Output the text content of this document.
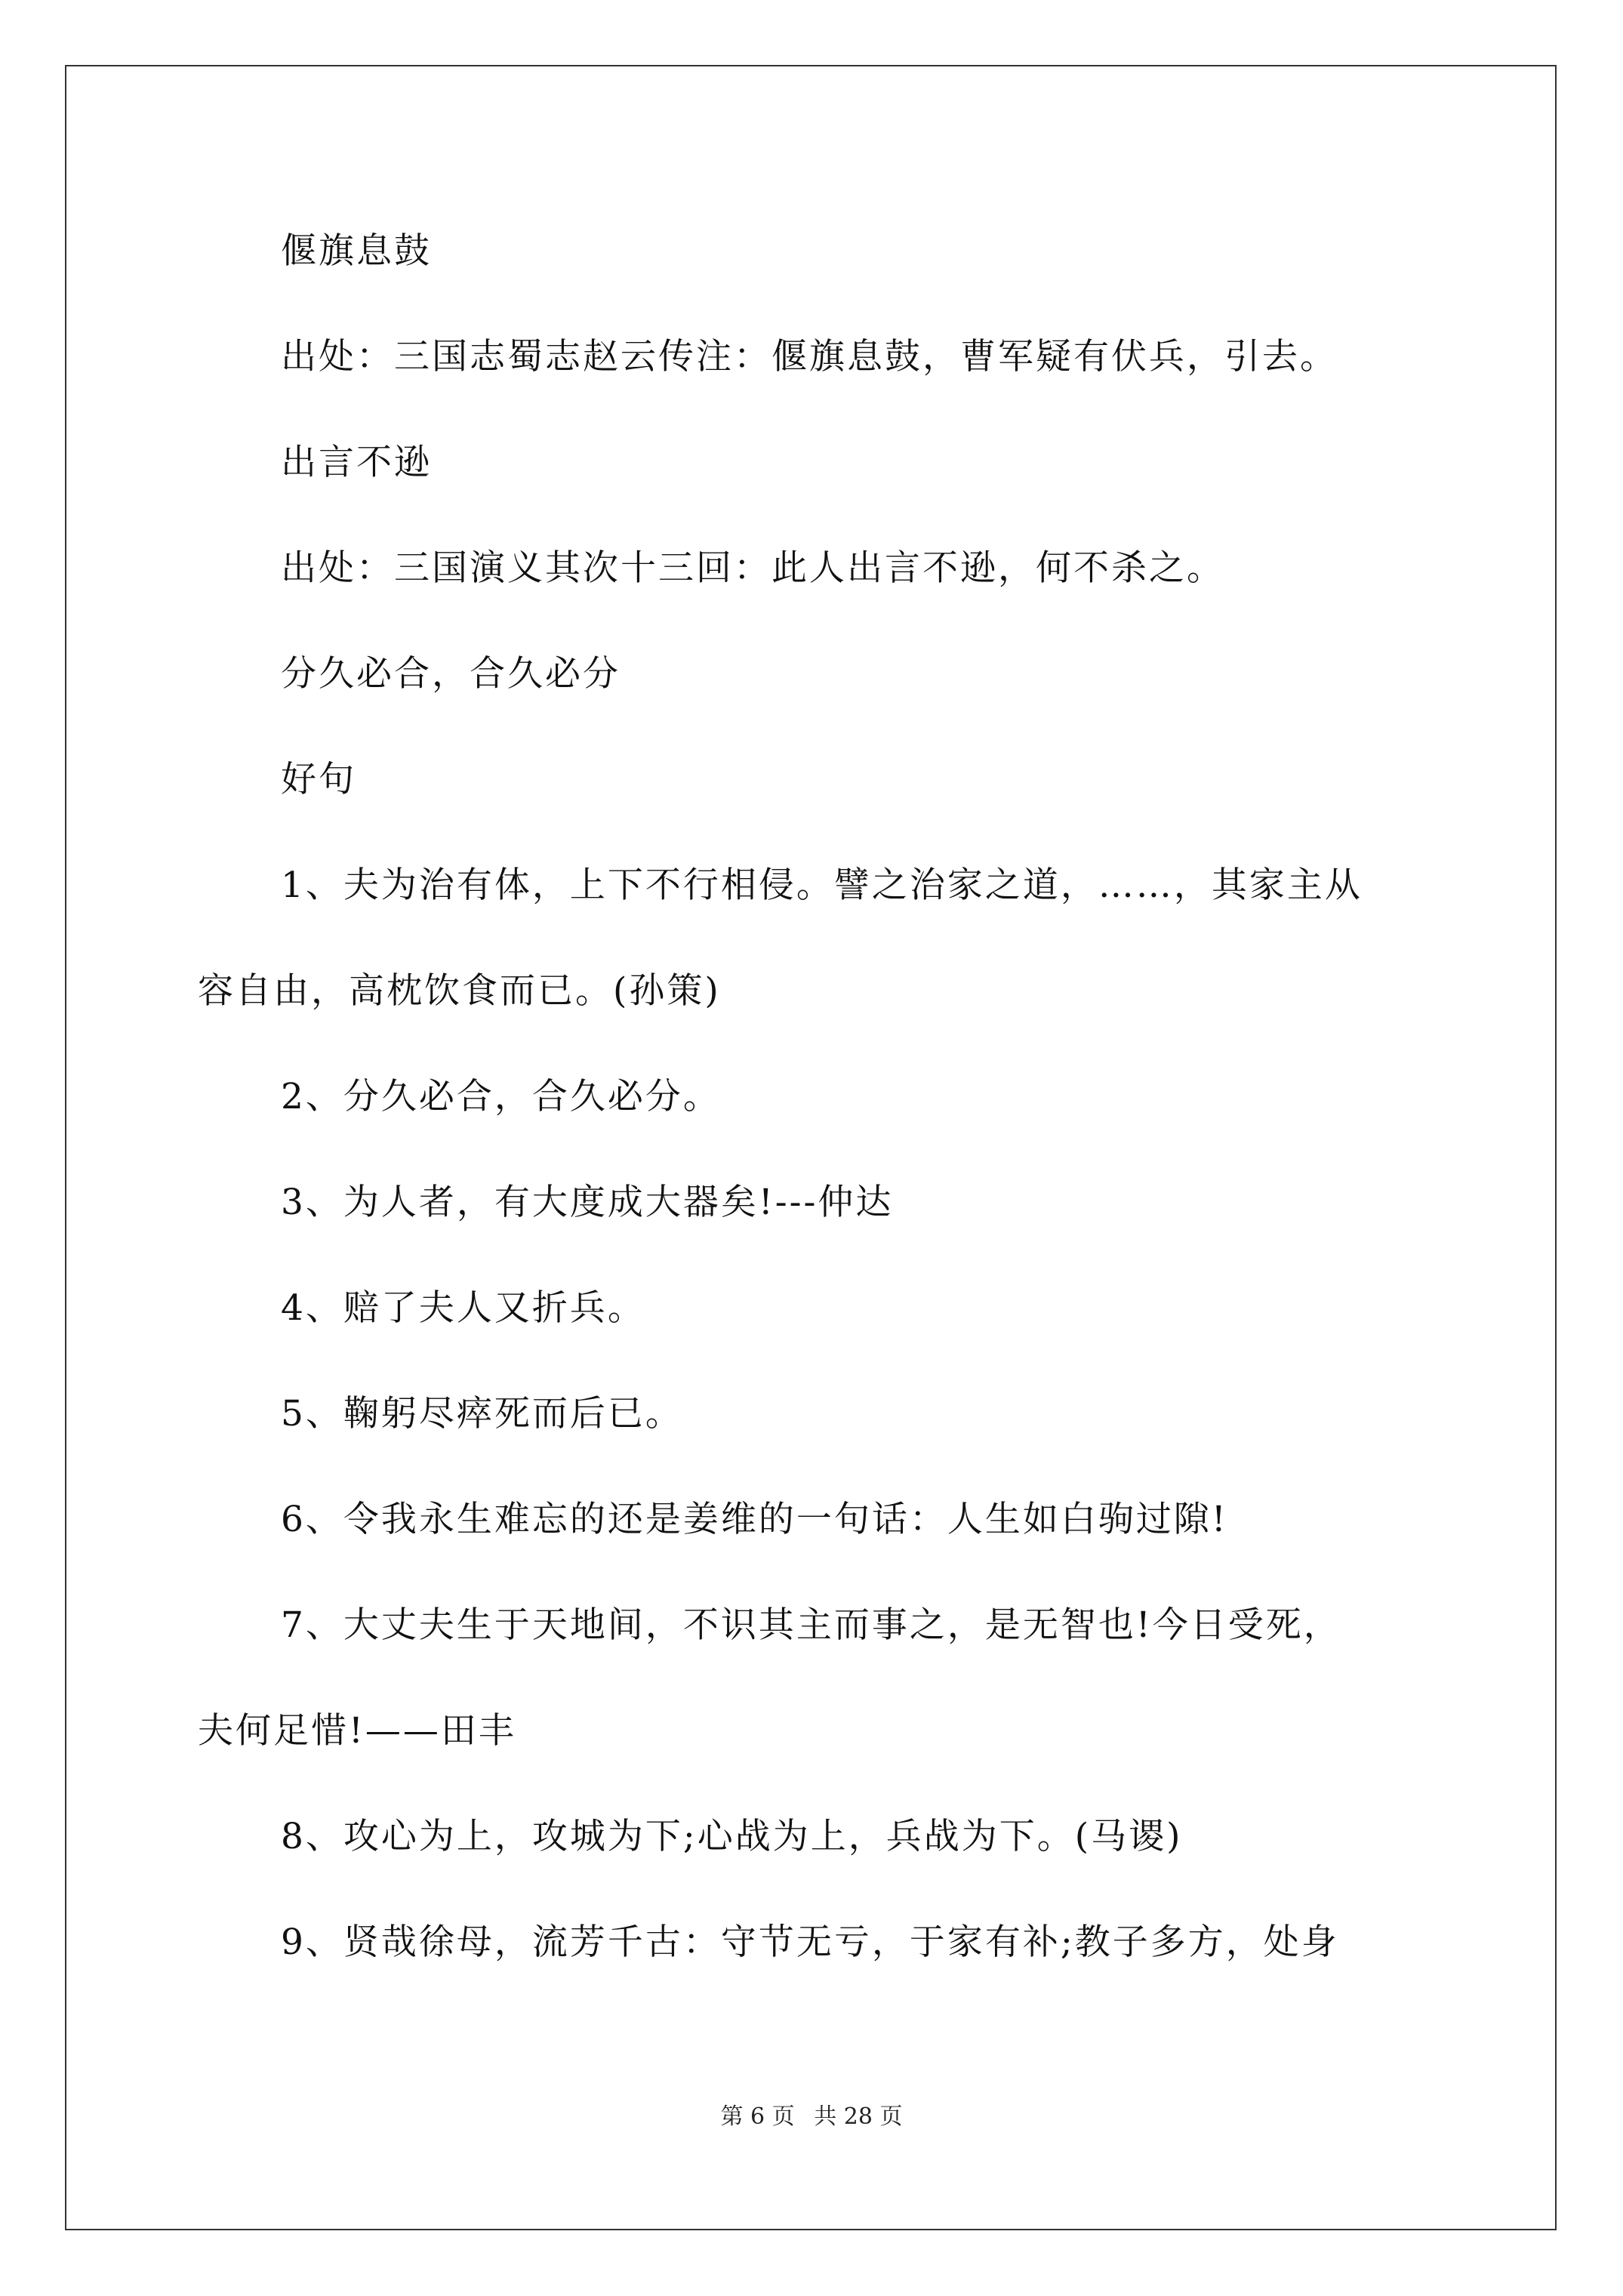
偃旗息鼓
出处：三国志蜀志赵云传注：偃旗息鼓，曹军疑有伏兵，引去。
出言不逊
出处：三国演义其次十三回：此人出言不逊，何不杀之。
分久必合，合久必分
好句
1、夫为治有体，上下不行相侵。譬之治家之道，……，其家主从
容自由，高枕饮食而已。(孙策)
2、分久必合，合久必分。
3、为人者，有大度成大器矣!---仲达
4、赔了夫人又折兵。
5、鞠躬尽瘁死而后已。
6、令我永生难忘的还是姜维的一句话：人生如白驹过隙!
7、大丈夫生于天地间，不识其主而事之，是无智也!今日受死，
夫何足惜!——田丰
8、攻心为上，攻城为下;心战为上，兵战为下。(马谡)
9、贤哉徐母，流芳千古：守节无亏，于家有补;教子多方，处身
第 6 页 共 28 页
